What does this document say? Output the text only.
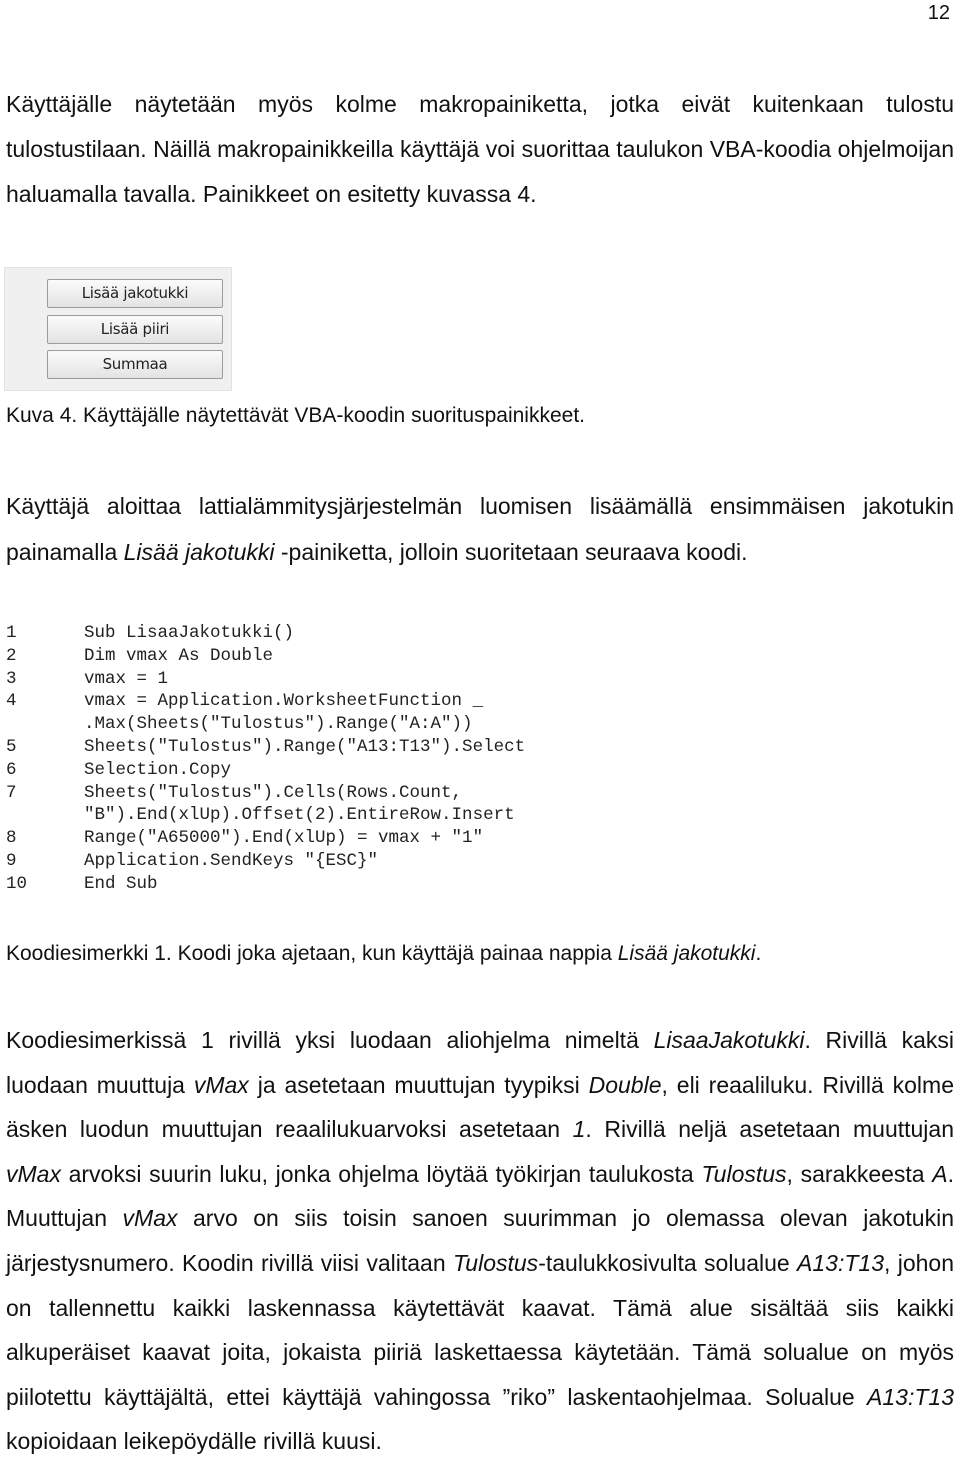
12
Käyttäjälle näytetään myös kolme makropainiketta, jotka eivät kuitenkaan tulostu tulostustilaan. Näillä makropainikkeilla käyttäjä voi suorittaa taulukon VBA-koodia ohjelmoijan haluamalla tavalla. Painikkeet on esitetty kuvassa 4.
Lisää jakotukki
Lisää piiri
Summaa
Kuva 4. Käyttäjälle näytettävät VBA-koodin suorituspainikkeet.
Käyttäjä aloittaa lattialämmitysjärjestelmän luomisen lisäämällä ensimmäisen jakotukin painamalla Lisää jakotukki -painiketta, jolloin suoritetaan seuraava koodi.
1	Sub LisaaJakotukki()
2	Dim vmax As Double
3	vmax = 1
4	vmax = Application.WorksheetFunction _
.Max(Sheets("Tulostus").Range("A:A"))
5	Sheets("Tulostus").Range("A13:T13").Select
6	Selection.Copy
7	Sheets("Tulostus").Cells(Rows.Count,
"B").End(xlUp).Offset(2).EntireRow.Insert
8	Range("A65000").End(xlUp) = vmax + "1"
9	Application.SendKeys "{ESC}"
10	End Sub
Koodiesimerkki 1. Koodi joka ajetaan, kun käyttäjä painaa nappia Lisää jakotukki.
Koodiesimerkissä 1 rivillä yksi luodaan aliohjelma nimeltä LisaaJakotukki. Rivillä kaksi luodaan muuttuja vMax ja asetetaan muuttujan tyypiksi Double, eli reaaliluku. Rivillä kolme äsken luodun muuttujan reaalilukuarvoksi asetetaan 1. Rivillä neljä asetetaan muuttujan vMax arvoksi suurin luku, jonka ohjelma löytää työkirjan taulukosta Tulostus, sarakkeesta A. Muuttujan vMax arvo on siis toisin sanoen suurimman jo olemassa olevan jakotukin järjestysnumero. Koodin rivillä viisi valitaan Tulostus-taulukkosivulta solualue A13:T13, johon on tallennettu kaikki laskennassa käytettävät kaavat. Tämä alue sisältää siis kaikki alkuperäiset kaavat joita, jokaista piiriä laskettaessa käytetään. Tämä solualue on myös piilotettu käyttäjältä, ettei käyttäjä vahingossa ”riko” laskentaohjelmaa. Solualue A13:T13 kopioidaan leikepöydälle rivillä kuusi.
